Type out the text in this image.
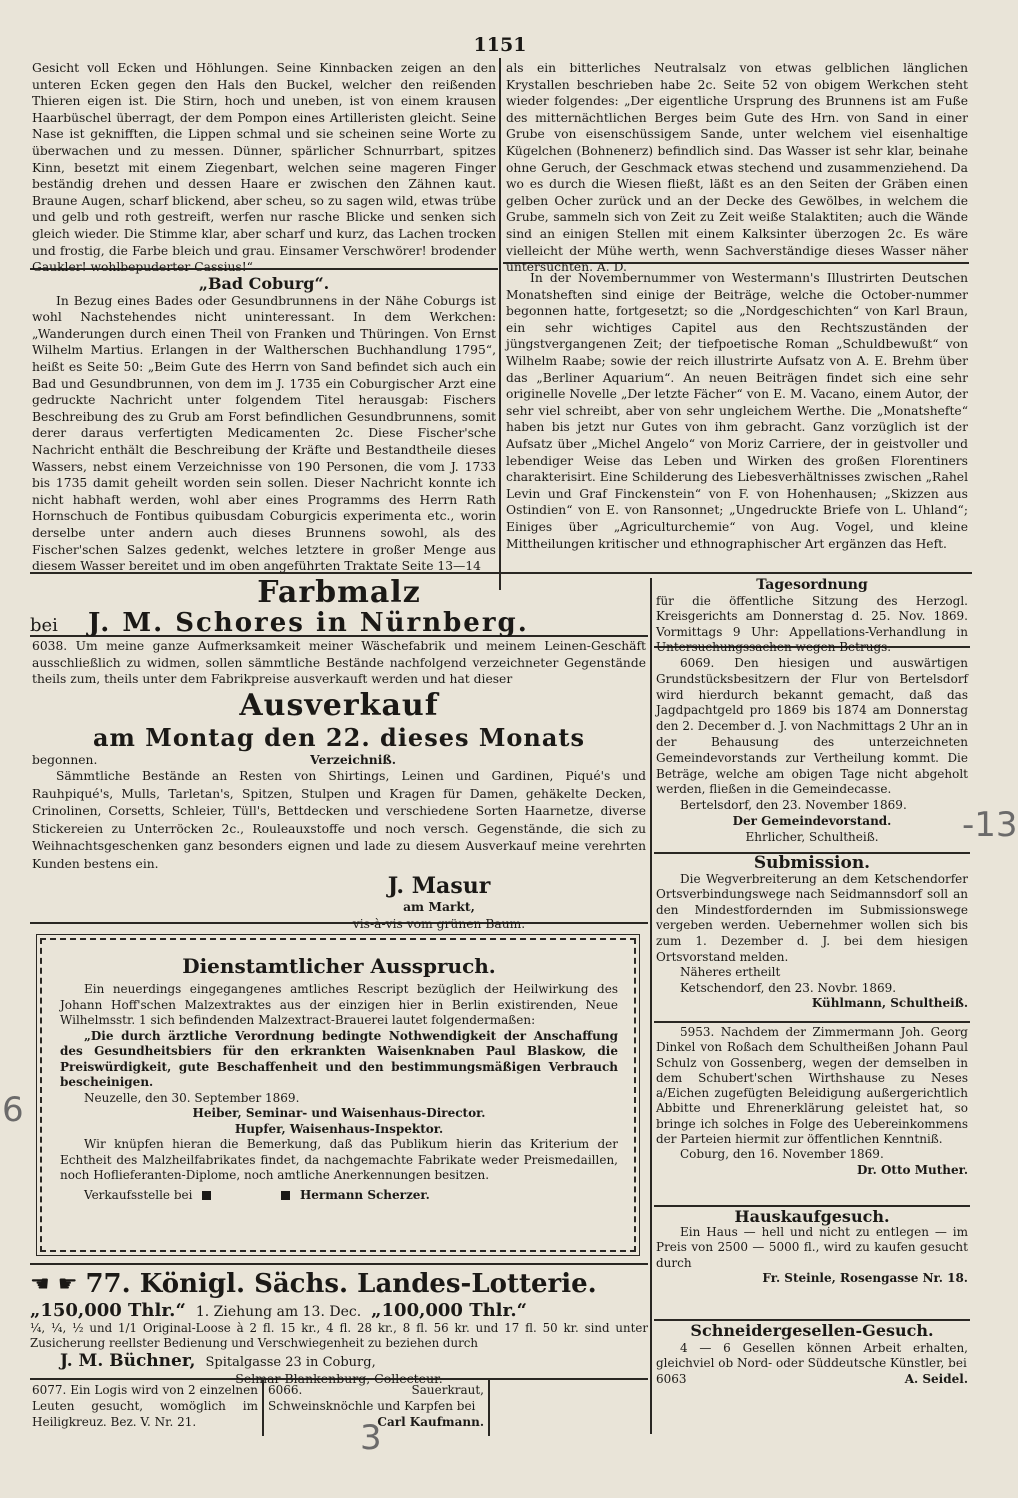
1151

Gesicht voll Ecken und Höhlungen. Seine Kinnbacken zeigen an den unteren Ecken gegen den Hals den Buckel, welcher den reißenden Thieren eigen ist. Die Stirn, hoch und uneben, ist von einem krausen Haarbüschel überragt, der dem Pompon eines Artilleristen gleicht. Seine Nase ist geknifften, die Lippen schmal und sie scheinen seine Worte zu überwachen und zu messen. Dünner, spärlicher Schnurrbart, spitzes Kinn, besetzt mit einem Ziegenbart, welchen seine mageren Finger beständig drehen und dessen Haare er zwischen den Zähnen kaut. Braune Augen, scharf blickend, aber scheu, so zu sagen wild, etwas trübe und gelb und roth gestreift, werfen nur rasche Blicke und senken sich gleich wieder. Die Stimme klar, aber scharf und kurz, das Lachen trocken und frostig, die Farbe bleich und grau. Einsamer Verschwörer! brodender Gaukler! wohlbepuderter Cassius!“

„Bad Coburg“.

In Bezug eines Bades oder Gesundbrunnens in der Nähe Coburgs ist wohl Nachstehendes nicht uninteressant. In dem Werkchen: „Wanderungen durch einen Theil von Franken und Thüringen. Von Ernst Wilhelm Martius. Erlangen in der Waltherschen Buchhandlung 1795“, heißt es Seite 50: „Beim Gute des Herrn von Sand befindet sich auch ein Bad und Gesundbrunnen, von dem im J. 1735 ein Coburgischer Arzt eine gedruckte Nachricht unter folgendem Titel herausgab: Fischers Beschreibung des zu Grub am Forst befindlichen Gesundbrunnens, somit derer daraus verfertigten Medicamenten 2c. Diese Fischer'sche Nachricht enthält die Beschreibung der Kräfte und Bestandtheile dieses Wassers, nebst einem Verzeichnisse von 190 Personen, die vom J. 1733 bis 1735 damit geheilt worden sein sollen. Dieser Nachricht konnte ich nicht habhaft werden, wohl aber eines Programms des Herrn Rath Hornschuch de Fontibus quibusdam Coburgicis experimenta etc., worin derselbe unter andern auch dieses Brunnens sowohl, als des Fischer'schen Salzes gedenkt, welches letztere in großer Menge aus diesem Wasser bereitet und im oben angeführten Traktate Seite 13—14

als ein bitterliches Neutralsalz von etwas gelblichen länglichen Krystallen beschrieben habe 2c. Seite 52 von obigem Werkchen steht wieder folgendes: „Der eigentliche Ursprung des Brunnens ist am Fuße des mitternächtlichen Berges beim Gute des Hrn. von Sand in einer Grube von eisenschüssigem Sande, unter welchem viel eisenhaltige Kügelchen (Bohnenerz) befindlich sind. Das Wasser ist sehr klar, beinahe ohne Geruch, der Geschmack etwas stechend und zusammenziehend. Da wo es durch die Wiesen fließt, läßt es an den Seiten der Gräben einen gelben Ocher zurück und an der Decke des Gewölbes, in welchem die Grube, sammeln sich von Zeit zu Zeit weiße Stalaktiten; auch die Wände sind an einigen Stellen mit einem Kalksinter überzogen 2c. Es wäre vielleicht der Mühe werth, wenn Sachverständige dieses Wasser näher untersuchten. A. D.

In der Novembernummer von Westermann's Illustrirten Deutschen Monatsheften sind einige der Beiträge, welche die October-nummer begonnen hatte, fortgesetzt; so die „Nordgeschichten“ von Karl Braun, ein sehr wichtiges Capitel aus den Rechtszuständen der jüngstvergangenen Zeit; der tiefpoetische Roman „Schuldbewußt“ von Wilhelm Raabe; sowie der reich illustrirte Aufsatz von A. E. Brehm über das „Berliner Aquarium“. An neuen Beiträgen findet sich eine sehr originelle Novelle „Der letzte Fächer“ von E. M. Vacano, einem Autor, der sehr viel schreibt, aber von sehr ungleichem Werthe. Die „Monatshefte“ haben bis jetzt nur Gutes von ihm gebracht. Ganz vorzüglich ist der Aufsatz über „Michel Angelo“ von Moriz Carriere, der in geistvoller und lebendiger Weise das Leben und Wirken des großen Florentiners charakterisirt. Eine Schilderung des Liebesverhältnisses zwischen „Rahel Levin und Graf Finckenstein“ von F. von Hohenhausen; „Skizzen aus Ostindien“ von E. von Ransonnet; „Ungedruckte Briefe von L. Uhland“; Einiges über „Agriculturchemie“ von Aug. Vogel, und kleine Mittheilungen kritischer und ethnographischer Art ergänzen das Heft.

Farbmalz
bei J. M. Schores in Nürnberg.

6038. Um meine ganze Aufmerksamkeit meiner Wäschefabrik und meinem Leinen-Geschäft ausschließlich zu widmen, sollen sämmtliche Bestände nachfolgend verzeichneter Gegenstände theils zum, theils unter dem Fabrikpreise ausverkauft werden und hat dieser

Ausverkauf
am Montag den 22. dieses Monats
begonnen.	Verzeichniß.

Sämmtliche Bestände an Resten von Shirtings, Leinen und Gardinen, Piqué's und Rauhpiqué's, Mulls, Tarletan's, Spitzen, Stulpen und Kragen für Damen, gehäkelte Decken, Crinolinen, Corsetts, Schleier, Tüll's, Bettdecken und verschiedene Sorten Haarnetze, diverse Stickereien zu Unterröcken 2c., Rouleauxstoffe und noch versch. Gegenstände, die sich zu Weihnachtsgeschenken ganz besonders eignen und lade zu diesem Ausverkauf meine verehrten Kunden bestens ein.

J. Masur
am Markt,
vis-à-vis vom grünen Baum.
Dienstamtlicher Ausspruch.

Ein neuerdings eingegangenes amtliches Rescript bezüglich der Heilwirkung des Johann Hoff'schen Malzextraktes aus der einzigen hier in Berlin existirenden, Neue Wilhelmsstr. 1 sich befindenden Malzextract-Brauerei lautet folgendermaßen:

„Die durch ärztliche Verordnung bedingte Nothwendigkeit der Anschaffung des Gesundheitsbiers für den erkrankten Waisenknaben Paul Blaskow, die Preiswürdigkeit, gute Beschaffenheit und den bestimmungsmäßigen Verbrauch bescheinigen.

Neuzelle, den 30. September 1869.

Heiber, Seminar- und Waisenhaus-Director.

Hupfer, Waisenhaus-Inspektor.

Wir knüpfen hieran die Bemerkung, daß das Publikum hierin das Kriterium der Echtheit des Malzheilfabrikates findet, da nachgemachte Fabrikate weder Preismedaillen, noch Hoflieferanten-Diplome, noch amtliche Anerkennungen besitzen.

Verkaufsstelle bei	Hermann Scherzer.

☚ ☛ 77. Königl. Sächs. Landes-Lotterie.
„150,000 Thlr.“ 1. Ziehung am 13. Dec. „100,000 Thlr.“

¼, ¼, ½ und 1/1 Original-Loose à 2 fl. 15 kr., 4 fl. 28 kr., 8 fl. 56 kr. und 17 fl. 50 kr. sind unter Zusicherung reellster Bedienung und Verschwiegenheit zu beziehen durch

J. M. Büchner, Spitalgasse 23 in Coburg,
Selmar Blankenburg, Collecteur.

6077. Ein Logis wird von 2 einzelnen Leuten gesucht, womöglich im Heiligkreuz. Bez. V. Nr. 21.

6066. Sauerkraut, Schweinsknöchle und Karpfen bei

Carl Kaufmann.

Tagesordnung

für die öffentliche Sitzung des Herzogl. Kreisgerichts am Donnerstag d. 25. Nov. 1869. Vormittags 9 Uhr: Appellations-Verhandlung in Untersuchungssachen wegen Betrugs.

6069. Den hiesigen und auswärtigen Grundstücksbesitzern der Flur von Bertelsdorf wird hierdurch bekannt gemacht, daß das Jagdpachtgeld pro 1869 bis 1874 am Donnerstag den 2. December d. J. von Nachmittags 2 Uhr an in der Behausung des unterzeichneten Gemeindevorstands zur Vertheilung kommt. Die Beträge, welche am obigen Tage nicht abgeholt werden, fließen in die Gemeindecasse.

Bertelsdorf, den 23. November 1869.

Der Gemeindevorstand.

Ehrlicher, Schultheiß.

Submission.

Die Wegverbreiterung an dem Ketschendorfer Ortsverbindungswege nach Seidmannsdorf soll an den Mindestfordernden im Submissionswege vergeben werden. Uebernehmer wollen sich bis zum 1. Dezember d. J. bei dem hiesigen Ortsvorstand melden.

Näheres ertheilt

Ketschendorf, den 23. Novbr. 1869.

Kühlmann, Schultheiß.

5953. Nachdem der Zimmermann Joh. Georg Dinkel von Roßach dem Schultheißen Johann Paul Schulz von Gossenberg, wegen der demselben in dem Schubert'schen Wirthshause zu Neses a/Eichen zugefügten Beleidigung außergerichtlich Abbitte und Ehrenerklärung geleistet hat, so bringe ich solches in Folge des Uebereinkommens der Parteien hiermit zur öffentlichen Kenntniß.

Coburg, den 16. November 1869.

Dr. Otto Muther.

Hauskaufgesuch.

Ein Haus — hell und nicht zu entlegen — im Preis von 2500 — 5000 fl., wird zu kaufen gesucht durch

Fr. Steinle, Rosengasse Nr. 18.

Schneidergesellen-Gesuch.

4 — 6 Gesellen können Arbeit erhalten, gleichviel ob Nord- oder Süddeutsche Künstler, bei

6063	A. Seidel.
-13
3
6
